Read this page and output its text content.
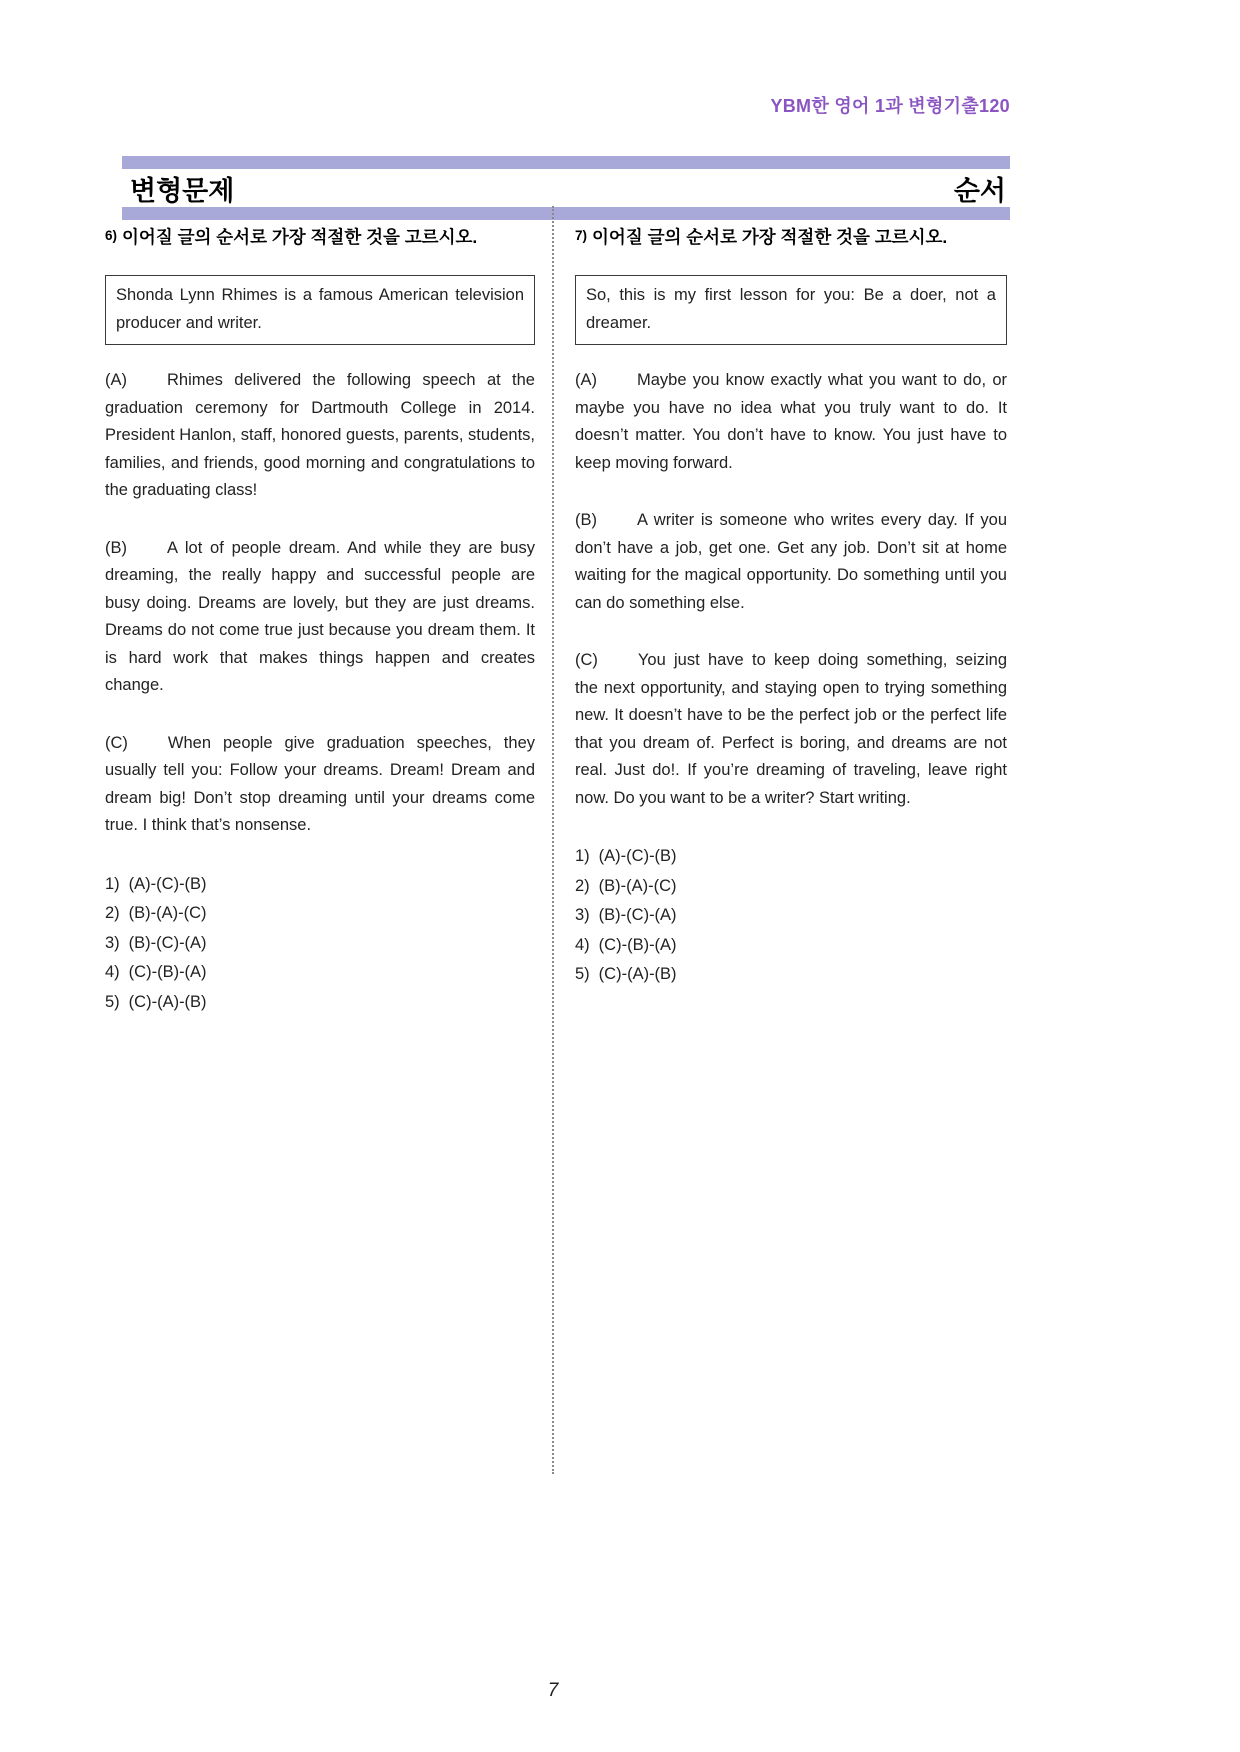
YBM한 영어 1과 변형기출120
변형문제	순서
6) 이어질 글의 순서로 가장 적절한 것을 고르시오.
Shonda Lynn Rhimes is a famous American television producer and writer.

(A) Rhimes delivered the following speech at the graduation ceremony for Dartmouth College in 2014. President Hanlon, staff, honored guests, parents, students, families, and friends, good morning and congratulations to the graduating class!

(B) A lot of people dream. And while they are busy dreaming, the really happy and successful people are busy doing. Dreams are lovely, but they are just dreams. Dreams do not come true just because you dream them. It is hard work that makes things happen and creates change.

(C) When people give graduation speeches, they usually tell you: Follow your dreams. Dream! Dream and dream big! Don’t stop dreaming until your dreams come true. I think that’s nonsense.

1) (A)-(C)-(B)
2) (B)-(A)-(C)
3) (B)-(C)-(A)
4) (C)-(B)-(A)
5) (C)-(A)-(B)
7) 이어질 글의 순서로 가장 적절한 것을 고르시오.
So, this is my first lesson for you: Be a doer, not a dreamer.

(A) Maybe you know exactly what you want to do, or maybe you have no idea what you truly want to do. It doesn’t matter. You don’t have to know. You just have to keep moving forward.

(B) A writer is someone who writes every day. If you don’t have a job, get one. Get any job. Don’t sit at home waiting for the magical opportunity. Do something until you can do something else.

(C) You just have to keep doing something, seizing the next opportunity, and staying open to trying something new. It doesn’t have to be the perfect job or the perfect life that you dream of. Perfect is boring, and dreams are not real. Just do!. If you’re dreaming of traveling, leave right now. Do you want to be a writer? Start writing.

1) (A)-(C)-(B)
2) (B)-(A)-(C)
3) (B)-(C)-(A)
4) (C)-(B)-(A)
5) (C)-(A)-(B)
7
